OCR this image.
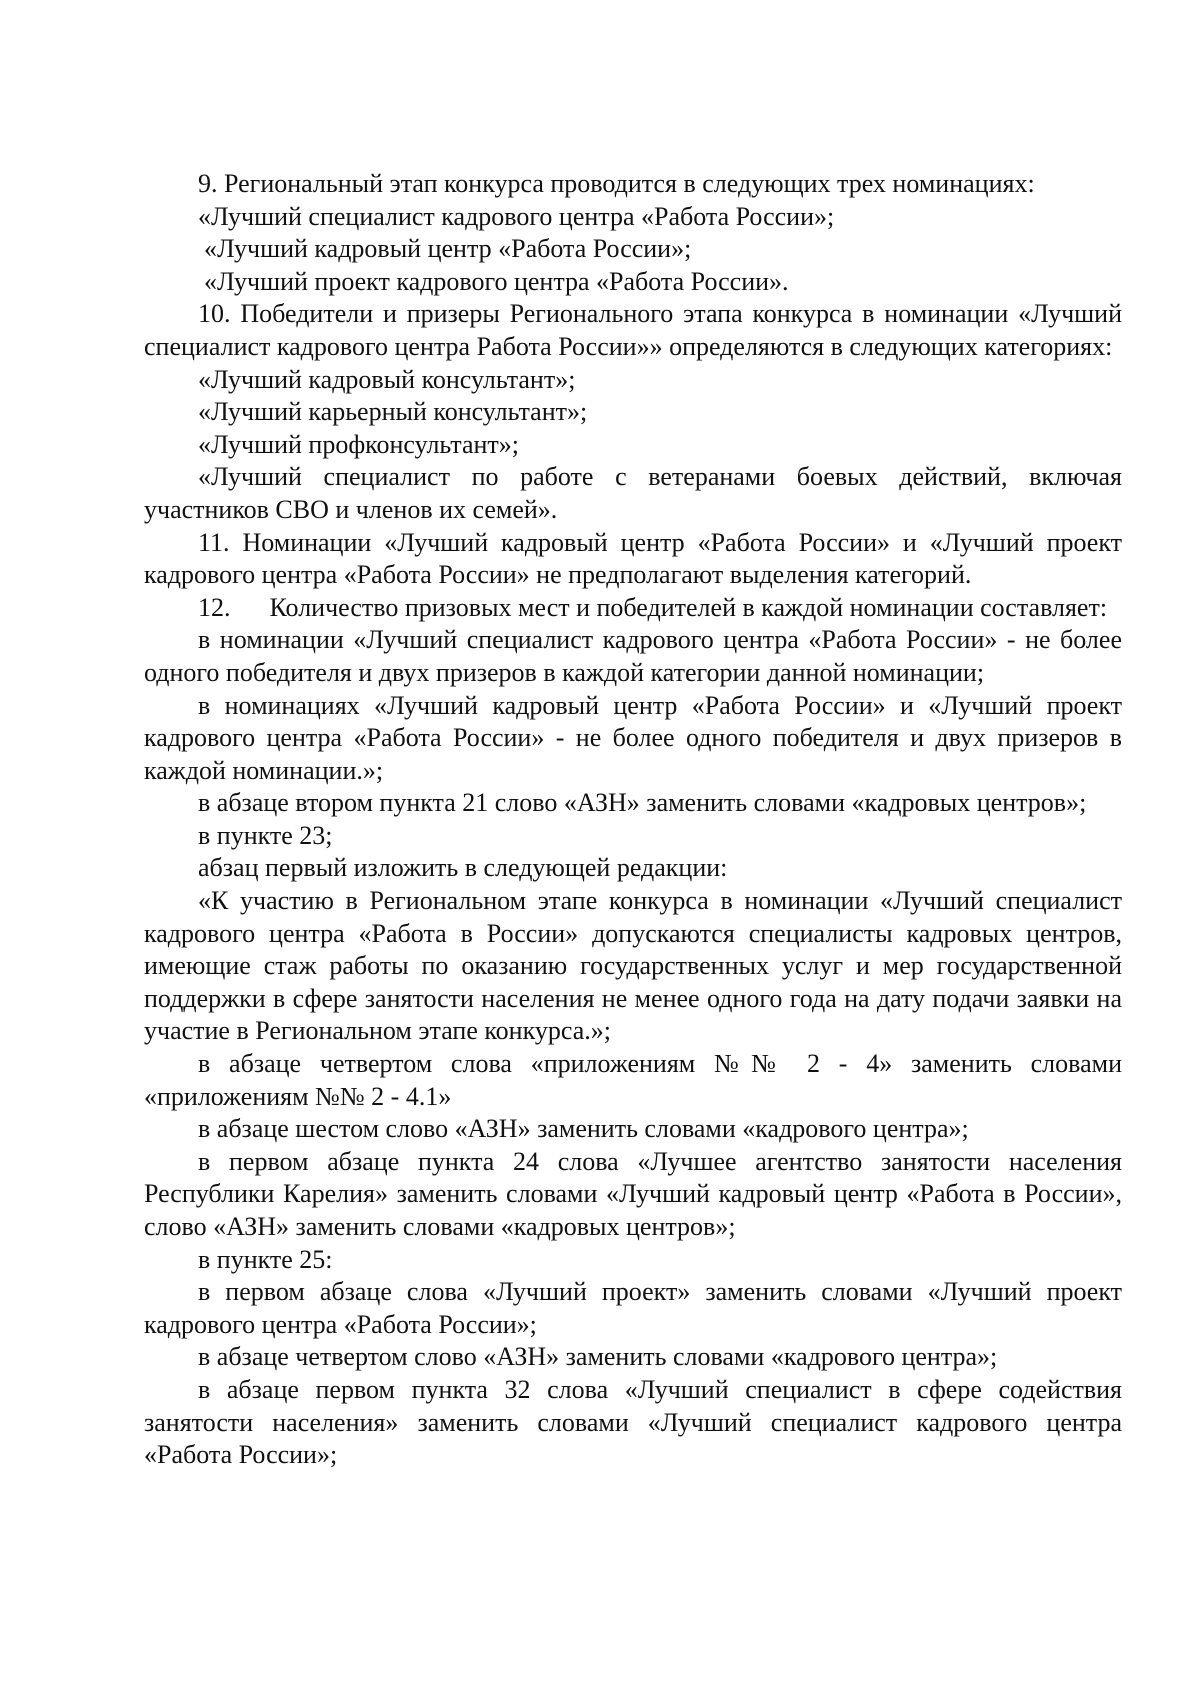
9. Региональный этап конкурса проводится в следующих трех номинациях:

«Лучший специалист кадрового центра «Работа России»;

«Лучший кадровый центр «Работа России»;

«Лучший проект кадрового центра «Работа России».

10. Победители и призеры Регионального этапа конкурса в номинации «Лучший специалист кадрового центра Работа России»» определяются в следующих категориях:

«Лучший кадровый консультант»;

«Лучший карьерный консультант»;

«Лучший профконсультант»;

«Лучший специалист по работе с ветеранами боевых действий, включая участников СВО и членов их семей».

11. Номинации «Лучший кадровый центр «Работа России» и «Лучший проект кадрового центра «Работа России» не предполагают выделения категорий.

12.      Количество призовых мест и победителей в каждой номинации составляет:

в номинации «Лучший специалист кадрового центра «Работа России» - не более одного победителя и двух призеров в каждой категории данной номинации;

в номинациях «Лучший кадровый центр «Работа России» и «Лучший проект кадрового центра «Работа России» - не более одного победителя и двух призеров в каждой номинации.»;

в абзаце втором пункта 21 слово «АЗН» заменить словами «кадровых центров»;

в пункте 23;

абзац первый изложить в следующей редакции:

«К участию в Региональном этапе конкурса в номинации «Лучший специалист кадрового центра «Работа в России» допускаются специалисты кадровых центров, имеющие стаж работы по оказанию государственных услуг и мер государственной поддержки в сфере занятости населения не менее одного года на дату подачи заявки на участие в Региональном этапе конкурса.»;

в абзаце четвертом слова «приложениям №№ 2 - 4» заменить словами «приложениям №№ 2 - 4.1»

в абзаце шестом слово «АЗН» заменить словами «кадрового центра»;

в первом абзаце пункта 24 слова «Лучшее агентство занятости населения Республики Карелия» заменить словами «Лучший кадровый центр «Работа в России», слово «АЗН» заменить словами «кадровых центров»;

в пункте 25:

в первом абзаце слова «Лучший проект» заменить словами «Лучший проект кадрового центра «Работа России»;

в абзаце четвертом слово «АЗН» заменить словами «кадрового центра»;

в абзаце первом пункта 32 слова «Лучший специалист в сфере содействия занятости населения» заменить словами «Лучший специалист кадрового центра «Работа России»;
